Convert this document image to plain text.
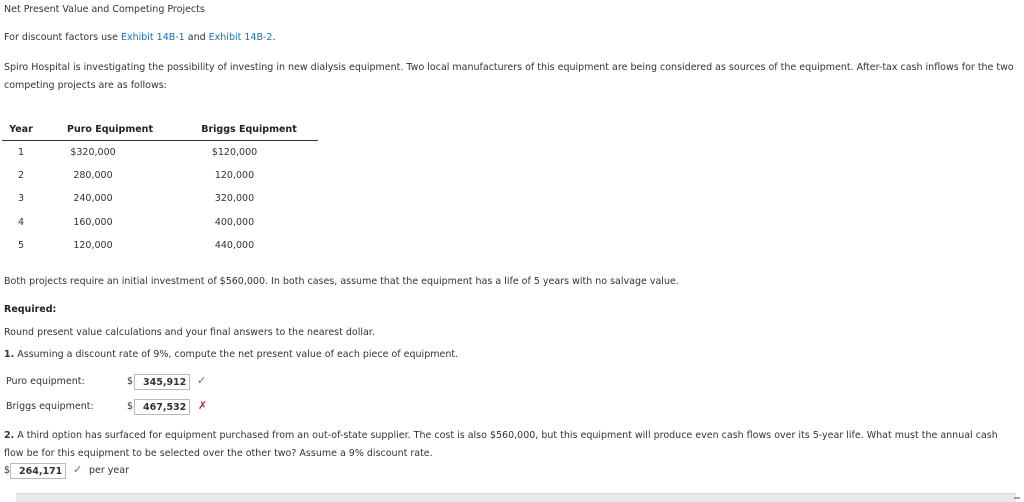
Net Present Value and Competing Projects
For discount factors use Exhibit 14B-1 and Exhibit 14B-2.
Spiro Hospital is investigating the possibility of investing in new dialysis equipment. Two local manufacturers of this equipment are being considered as sources of the equipment. After-tax cash inflows for the two competing projects are as follows:
Year	Puro Equipment	Briggs Equipment
1	$320,000	$120,000
2	280,000	120,000
3	240,000	320,000
4	160,000	400,000
5	120,000	440,000
Both projects require an initial investment of $560,000. In both cases, assume that the equipment has a life of 5 years with no salvage value.
Required:
Round present value calculations and your final answers to the nearest dollar.
1. Assuming a discount rate of 9%, compute the net present value of each piece of equipment.
Puro equipment:	$	345,912 ✓
Briggs equipment:	$	467,532	✗
2. A third option has surfaced for equipment purchased from an out-of-state supplier. The cost is also $560,000, but this equipment will produce even cash flows over its 5-year life. What must the annual cash flow be for this equipment to be selected over the other two? Assume a 9% discount rate.
$ 264,171 ✓ per year
